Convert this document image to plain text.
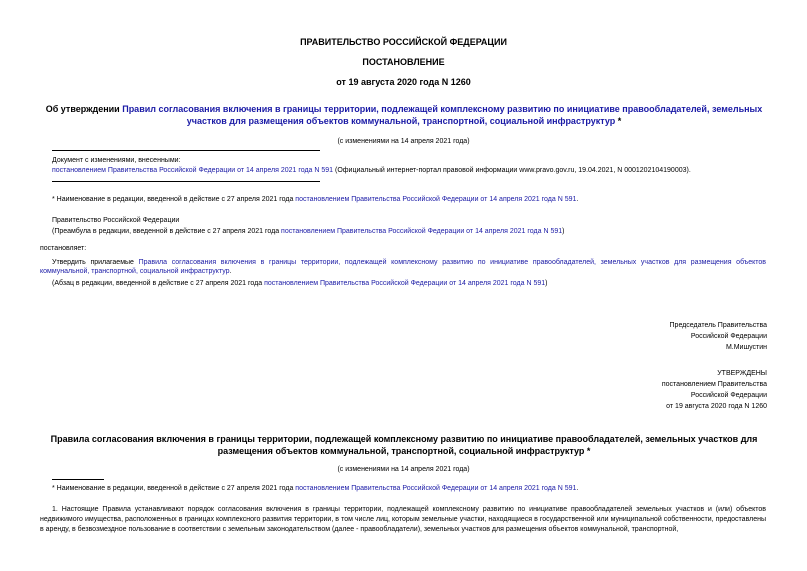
ПРАВИТЕЛЬСТВО РОССИЙСКОЙ ФЕДЕРАЦИИ
ПОСТАНОВЛЕНИЕ
от 19 августа 2020 года N 1260
Об утверждении Правил согласования включения в границы территории, подлежащей комплексному развитию по инициативе правообладателей, земельных участков для размещения объектов коммунальной, транспортной, социальной инфраструктур *
(с изменениями на 14 апреля 2021 года)
Документ с изменениями, внесенными:
постановлением Правительства Российской Федерации от 14 апреля 2021 года N 591 (Официальный интернет-портал правовой информации www.pravo.gov.ru, 19.04.2021, N 0001202104190003).
* Наименование в редакции, введенной в действие с 27 апреля 2021 года постановлением Правительства Российской Федерации от 14 апреля 2021 года N 591.
Правительство Российской Федерации
(Преамбула в редакции, введенной в действие с 27 апреля 2021 года постановлением Правительства Российской Федерации от 14 апреля 2021 года N 591)
постановляет:
Утвердить прилагаемые Правила согласования включения в границы территории, подлежащей комплексному развитию по инициативе правообладателей, земельных участков для размещения объектов коммунальной, транспортной, социальной инфраструктур.
(Абзац в редакции, введенной в действие с 27 апреля 2021 года постановлением Правительства Российской Федерации от 14 апреля 2021 года N 591)
Председатель Правительства
Российской Федерации
М.Мишустин
УТВЕРЖДЕНЫ
постановлением Правительства
Российской Федерации
от 19 августа 2020 года N 1260
Правила согласования включения в границы территории, подлежащей комплексному развитию по инициативе правообладателей, земельных участков для размещения объектов коммунальной, транспортной, социальной инфраструктур *
(с изменениями на 14 апреля 2021 года)
* Наименование в редакции, введенной в действие с 27 апреля 2021 года постановлением Правительства Российской Федерации от 14 апреля 2021 года N 591.
1. Настоящие Правила устанавливают порядок согласования включения в границы территории, подлежащей комплексному развитию по инициативе правообладателей земельных участков и (или) объектов недвижимого имущества, расположенных в границах комплексного развития территории, в том числе лиц, которым земельные участки, находящиеся в государственной или муниципальной собственности, предоставлены в аренду, в безвозмездное пользование в соответствии с земельным законодательством (далее - правообладатели), земельных участков для размещения объектов коммунальной, транспортной,
